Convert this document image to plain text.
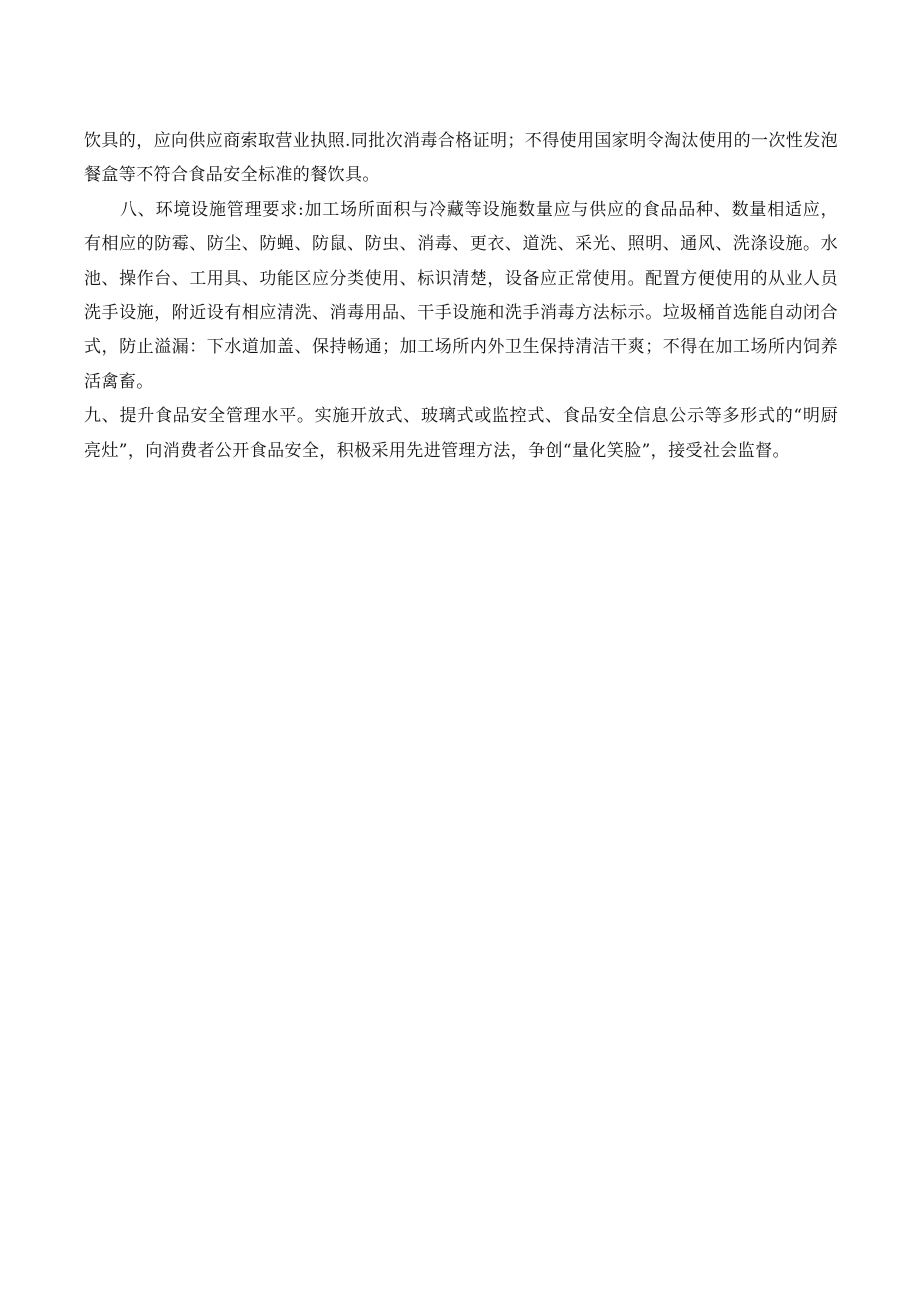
饮具的，应向供应商索取营业执照.同批次消毒合格证明；不得使用国家明令淘汰使用的一次性发泡餐盒等不符合食品安全标准的餐饮具。

八、环境设施管理要求:加工场所面积与冷藏等设施数量应与供应的食品品种、数量相适应，有相应的防霉、防尘、防蝇、防鼠、防虫、消毒、更衣、道洗、采光、照明、通风、洗涤设施。水池、操作台、工用具、功能区应分类使用、标识清楚，设备应正常使用。配置方便使用的从业人员洗手设施，附近设有相应清洗、消毒用品、干手设施和洗手消毒方法标示。垃圾桶首选能自动闭合式，防止溢漏：下水道加盖、保持畅通；加工场所内外卫生保持清洁干爽；不得在加工场所内饲养活禽畜。

九、提升食品安全管理水平。实施开放式、玻璃式或监控式、食品安全信息公示等多形式的“明厨亮灶”，向消费者公开食品安全，积极采用先进管理方法，争创“量化笑脸”，接受社会监督。
